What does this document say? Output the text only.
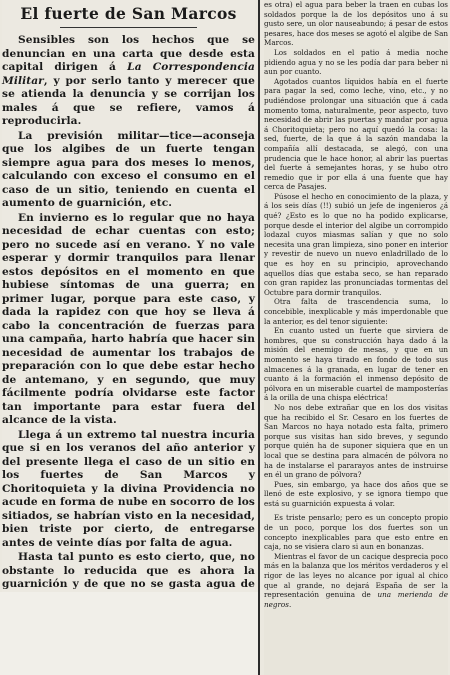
El fuerte de San Marcos

Sensibles son los hechos que se denuncian en una carta que desde esta capital dirigen á La Correspondencia Militar, y por serlo tanto y merecer que se atienda la denuncia y se corrijan los males á que se refiere, vamos á reproducirla.

La previsión militar—tice—aconseja que los algibes de un fuerte tengan siempre agua para dos meses lo menos, calculando con exceso el consumo en el caso de un sitio, teniendo en cuenta el aumento de guarnición, etc.

En invierno es lo regular que no haya necesidad de echar cuentas con esto; pero no sucede así en verano. Y no vale esperar y dormir tranquilos para llenar estos depósitos en el momento en que hubiese síntomas de una guerra; en primer lugar, porque para este caso, y dada la rapidez con que hoy se lleva á cabo la concentración de fuerzas para una campaña, harto habría que hacer sin necesidad de aumentar los trabajos de preparación con lo que debe estar hecho de antemano, y en segundo, que muy fácilmente podría olvidarse este factor tan importante para estar fuera del alcance de la vista.

Llega á un extremo tal nuestra incuria que si en los veranos del año anterior y del presente llega el caso de un sitio en los fuertes de San Marcos y Choritoquieta y la divina Providencia no acude en forma de nube en socorro de los sitiados, se habrían visto en la necesidad, bien triste por cierto, de entregarse antes de veinte días por falta de agua.

Hasta tal punto es esto cierto, que, no obstante lo reducida que es ahora la guarnición y de que no se gasta agua de

es otra) el agua para beber la traen en cubas los soldados porque la de los depósitos uno á su gusto sere, un olor nauseabundo; á pesar de estos pesares, hace dos meses se agotó el algibe de San Marcos.

Los soldados en el patio á media noche pidiendo agua y no se les podía dar para beber ni aun por cuanto.

Agotados cuantos líquidos había en el fuerte para pagar la sed, como leche, vino, etc., y no pudiéndose prolongar una situación que á cada momento toma, naturalmente, peor aspecto, tuvo necesidad de abrir las puertas y mandar por agua á Choritoquieta; pero no aquí quedó la cosa: la sed, fuerte, de la que á la sazón mandaba la compañía allí destacada, se alegó, con una prudencia que le hace honor, al abrir las puertas del fuerte á semejantes horas, y se hubo otro remedio que ir por ella á una fuente que hay cerca de Pasajes.

Púsose el hecho en conocimiento de la plaza, y á los seis días (!!) subió un jefe de ingenieros ¿á qué? ¿Esto es lo que no ha podido explicarse, porque desde el interior del algibe un corrompido lodazal cuyos miasmas salían y que no solo necesita una gran limpieza, sino poner en interior y revestir de nuevo un nuevo enladrillado de lo que es hoy en su principio, aprovechando aquellos días que estaba seco, se han reparado con gran rapidez las pronunciadas tormentas del Octubre para dormir tranquilos.

Otra falta de trascendencia suma, lo concebible, inexplicable y más imperdonable que la anterior, es del tenor siguiente:

En cuanto usted un fuerte que sirviera de hombres, que su construcción haya dado á la misión del enemigo de mesas, y que en un momento se haya tirado en fondo de todo sus almacenes á la granada, en lugar de tener en cuanto á la formación el inmenso depósito de pólvora en un miserable cuartel de mamposterías á la orilla de una chispa eléctrica!

No nos debe extrañar que en los dos visitas que ha recibido el Sr. Cesaro en los fuertes de San Marcos no haya notado esta falta, primero porque sus visitas han sido breves, y segundo porque quién ha de suponer siquiera que en un local que se destina para almacén de pólvora no ha de instalarse el pararayos antes de instruirse en él un grano de pólvora?

Pues, sin embargo, ya hace dos años que se llenó de este explosivo, y se ignora tiempo que está su guarnición expuesta á volar.

Es triste pensarlo; pero es un concepto propio de un poco, porque los dos fuertes son un concepto inexplicables para que esto entre en caja, no se visiera claro si aun en bonanzas.

Mientras el favor de un cacique desprecia poco más en la balanza que los méritos verdaderos y el rigor de las leyes no alcance por igual al chico que al grande, no dejará España de ser la representación genuina de una merienda de negros.
